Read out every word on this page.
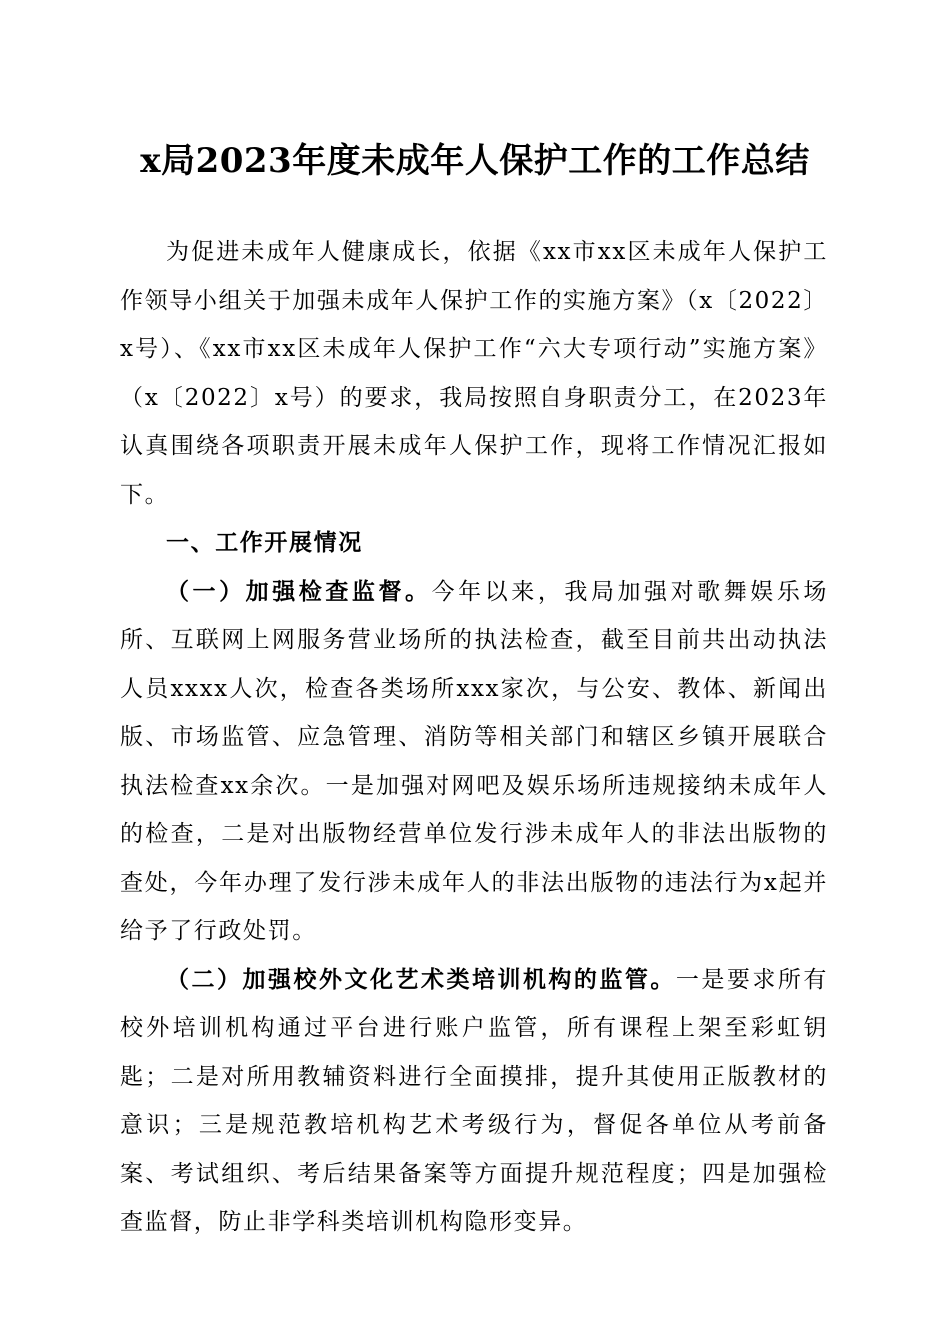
x局2023年度未成年人保护工作的工作总结

为促进未成年人健康成长，依据《xx市xx区未成年人保护工作领导小组关于加强未成年人保护工作的实施方案》（x〔2022〕x号）、《xx市xx区未成年人保护工作“六大专项行动”实施方案》（x〔2022〕x号）的要求，我局按照自身职责分工，在2023年认真围绕各项职责开展未成年人保护工作，现将工作情况汇报如下。

一、工作开展情况

（一）加强检查监督。今年以来，我局加强对歌舞娱乐场所、互联网上网服务营业场所的执法检查，截至目前共出动执法人员xxxx人次，检查各类场所xxx家次，与公安、教体、新闻出版、市场监管、应急管理、消防等相关部门和辖区乡镇开展联合执法检查xx余次。一是加强对网吧及娱乐场所违规接纳未成年人的检查，二是对出版物经营单位发行涉未成年人的非法出版物的查处，今年办理了发行涉未成年人的非法出版物的违法行为x起并给予了行政处罚。

（二）加强校外文化艺术类培训机构的监管。一是要求所有校外培训机构通过平台进行账户监管，所有课程上架至彩虹钥匙；二是对所用教辅资料进行全面摸排，提升其使用正版教材的意识；三是规范教培机构艺术考级行为，督促各单位从考前备案、考试组织、考后结果备案等方面提升规范程度；四是加强检查监督，防止非学科类培训机构隐形变异。
